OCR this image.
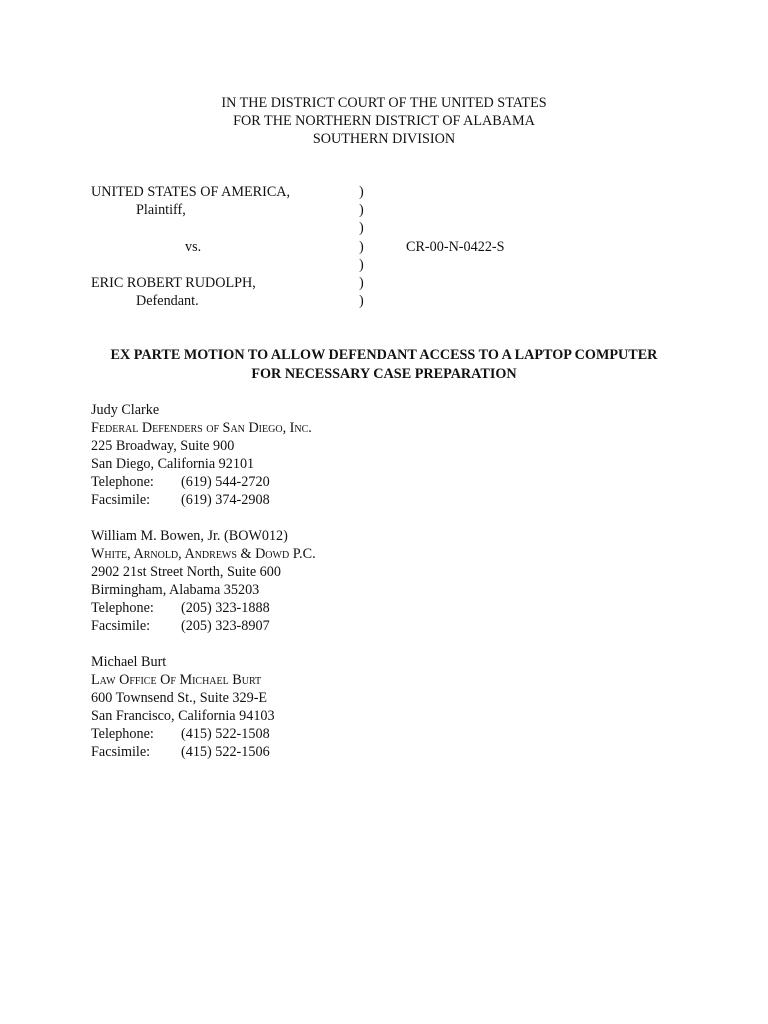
IN THE DISTRICT COURT OF THE UNITED STATES
FOR THE NORTHERN DISTRICT OF ALABAMA
SOUTHERN DIVISION
UNITED STATES OF AMERICA,	)
Plaintiff,	)
)
vs.	)	CR-00-N-0422-S
)
ERIC ROBERT RUDOLPH,	)
Defendant.	)
EX PARTE MOTION TO ALLOW DEFENDANT ACCESS TO A LAPTOP COMPUTER
FOR NECESSARY CASE PREPARATION
Judy Clarke
Federal Defenders of San Diego, Inc.
225 Broadway, Suite 900
San Diego, California 92101
Telephone: (619) 544-2720
Facsimile: (619) 374-2908
William M. Bowen, Jr. (BOW012)
White, Arnold, Andrews & Dowd P.C.
2902 21st Street North, Suite 600
Birmingham, Alabama 35203
Telephone: (205) 323-1888
Facsimile: (205) 323-8907
Michael Burt
Law Office Of Michael Burt
600 Townsend St., Suite 329-E
San Francisco, California 94103
Telephone: (415) 522-1508
Facsimile: (415) 522-1506
